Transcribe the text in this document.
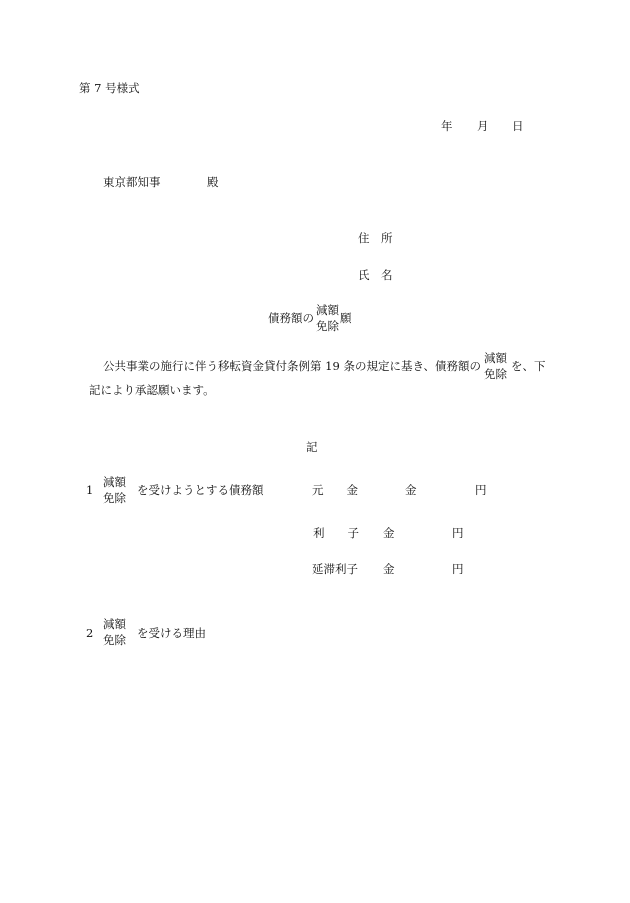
第 7 号様式
年 月 日
東京都知事	殿
住　所
氏　名
債務額の
減額
免除
願
公共事業の施行に伴う移転資金貸付条例第 19 条の規定に基き、債務額の
減額
免除
を、下
記により承認願います。
記
1
減額
免除
を受けようとする債務額	元　　金	金	円
利　　子 金	円
延滞利子 金	円
2
減額
免除 を受ける理由
